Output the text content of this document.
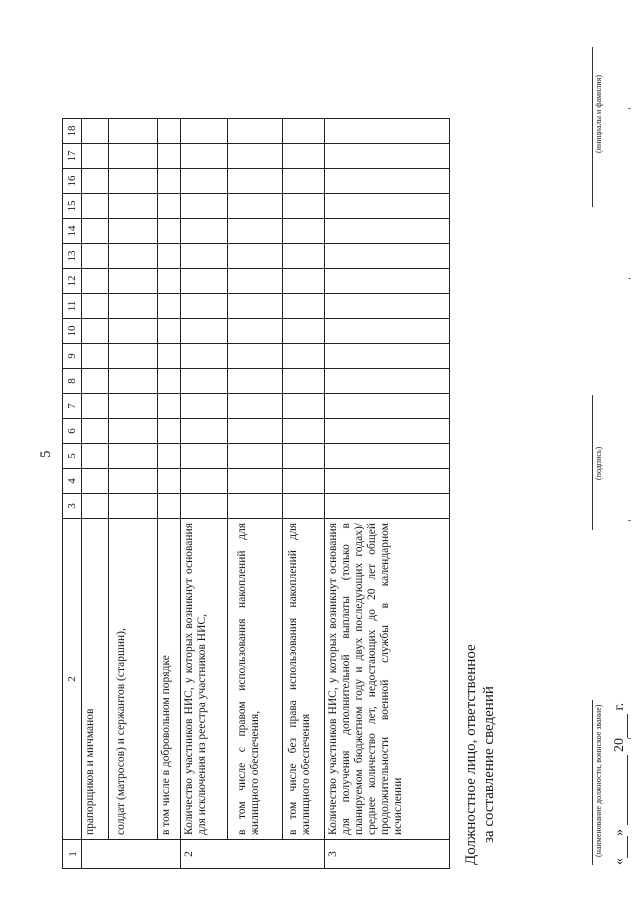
5
1	2	3	4	5	6	7	8	9	10	11	12	13	14	15	16	17	18
	прапорщиков и мичманов																
	солдат (матросов) и сержантов (старшин),																
	в том числе в добровольном порядке																
2	Количество участников НИС, у которых возникнут основания для исключения из реестра участников НИС,																
	в том числе с правом использования накоплений для жилищного обеспечения,																
	в том числе без права использования накоплений для жилищного обеспечения																
3	Количество участников НИС, у которых возникнут основания для получения дополнительной выплаты (только в планируемом бюджетном году и двух последующих годах)/среднее количество лет, недостающих до 20 лет общей продолжительности военной службы в календарном исчислении																	Должностное лицо, ответственное за составление сведений	(наименование должности, воинское звание)
(подпись)
(инициалы и фамилия)
«»  20 г.
